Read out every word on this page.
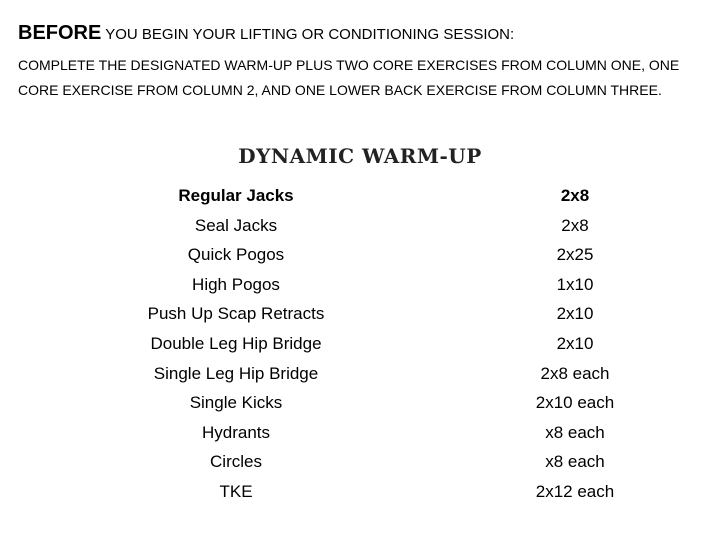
BEFORE YOU BEGIN YOUR LIFTING OR CONDITIONING SESSION:
COMPLETE THE DESIGNATED WARM-UP PLUS TWO CORE EXERCISES FROM COLUMN ONE, ONE CORE EXERCISE FROM COLUMN 2, AND ONE LOWER BACK EXERCISE FROM COLUMN THREE.
DYNAMIC WARM-UP
Regular Jacks	2x8
Seal Jacks	2x8
Quick Pogos	2x25
High Pogos	1x10
Push Up Scap Retracts	2x10
Double Leg Hip Bridge	2x10
Single Leg Hip Bridge	2x8 each
Single Kicks	2x10 each
Hydrants	x8 each
Circles	x8 each
TKE	2x12 each
